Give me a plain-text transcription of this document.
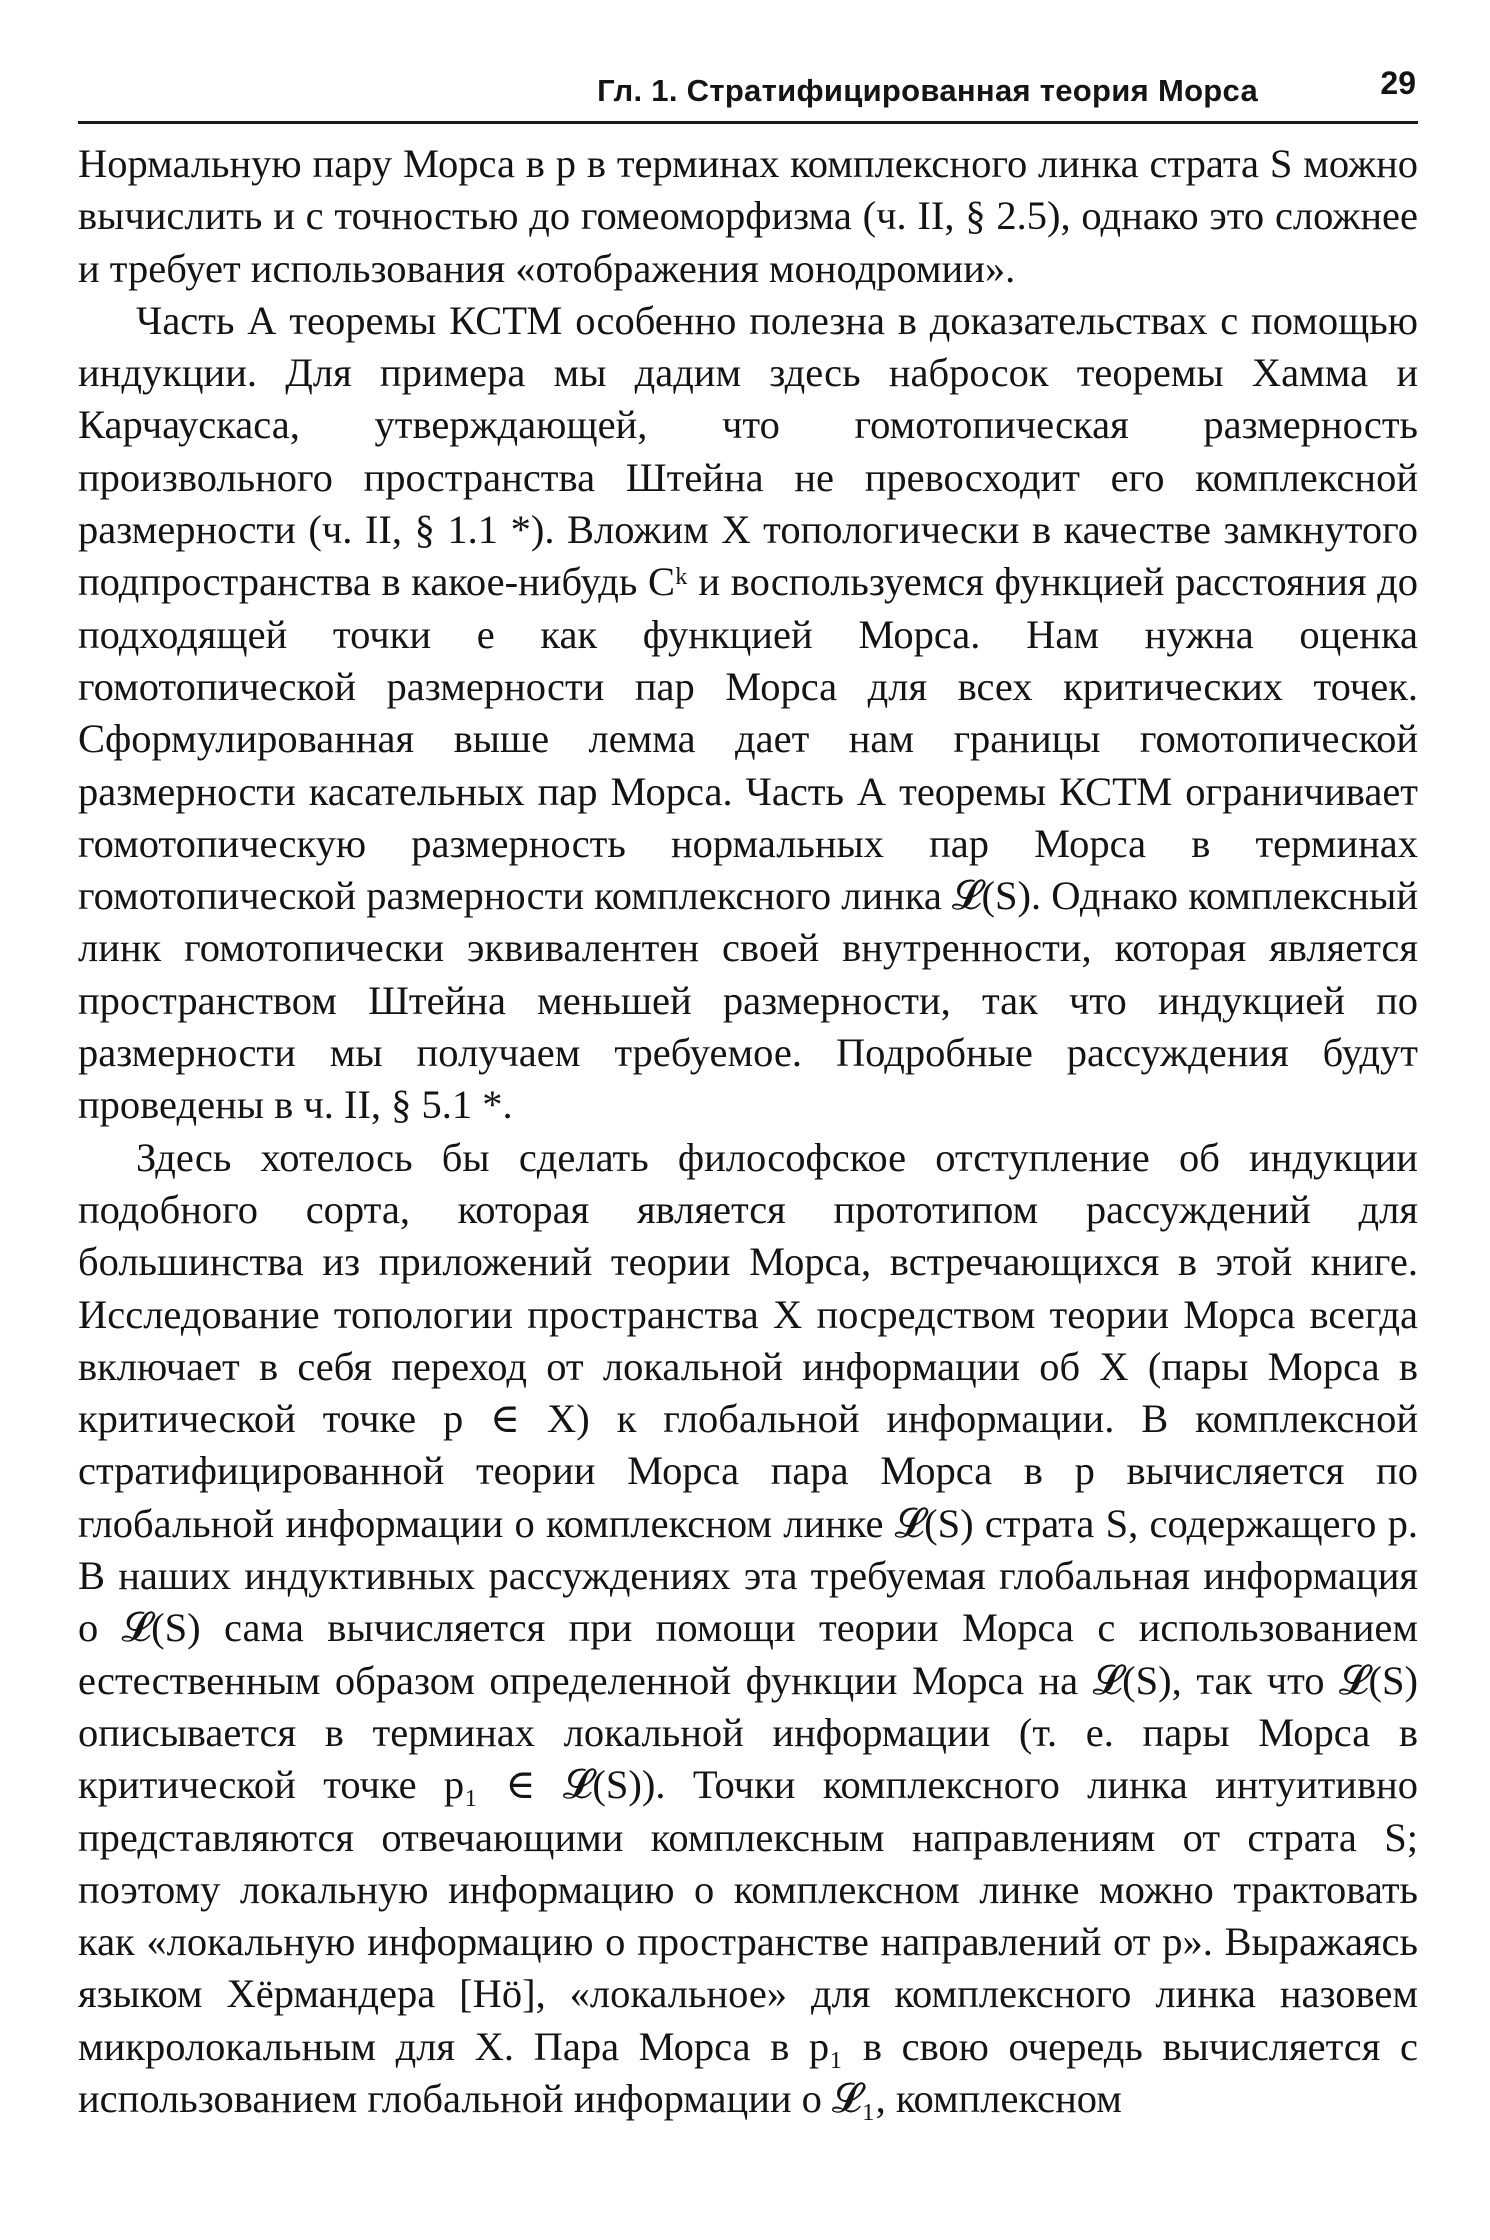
Гл. 1. Стратифицированная теория Морса	29

Нормальную пару Морса в p в терминах комплексного линка страта S можно вычислить и с точностью до гомеоморфизма (ч. II, § 2.5), однако это сложнее и требует использования «отображения монодромии».

Часть А теоремы КСТМ особенно полезна в доказательствах с помощью индукции. Для примера мы дадим здесь набросок теоремы Хамма и Карчаускаса, утверждающей, что гомотопическая размерность произвольного пространства Штейна не превосходит его комплексной размерности (ч. II, § 1.1 *). Вложим X топологически в качестве замкнутого подпространства в какое-нибудь Cᵏ и воспользуемся функцией расстояния до подходящей точки e как функцией Морса. Нам нужна оценка гомотопической размерности пар Морса для всех критических точек. Сформулированная выше лемма дает нам границы гомотопической размерности касательных пар Морса. Часть А теоремы КСТМ ограничивает гомотопическую размерность нормальных пар Морса в терминах гомотопической размерности комплексного линка 𝓛(S). Однако комплексный линк гомотопически эквивалентен своей внутренности, которая является пространством Штейна меньшей размерности, так что индукцией по размерности мы получаем требуемое. Подробные рассуждения будут проведены в ч. II, § 5.1 *.

Здесь хотелось бы сделать философское отступление об индукции подобного сорта, которая является прототипом рассуждений для большинства из приложений теории Морса, встречающихся в этой книге. Исследование топологии пространства X посредством теории Морса всегда включает в себя переход от локальной информации об X (пары Морса в критической точке p ∈ X) к глобальной информации. В комплексной стратифицированной теории Морса пара Морса в p вычисляется по глобальной информации о комплексном линке 𝓛(S) страта S, содержащего p. В наших индуктивных рассуждениях эта требуемая глобальная информация о 𝓛(S) сама вычисляется при помощи теории Морса с использованием естественным образом определенной функции Морса на 𝓛(S), так что 𝓛(S) описывается в терминах локальной информации (т. е. пары Морса в критической точке p₁ ∈ 𝓛(S)). Точки комплексного линка интуитивно представляются отвечающими комплексным направлениям от страта S; поэтому локальную информацию о комплексном линке можно трактовать как «локальную информацию о пространстве направлений от p». Выражаясь языком Хёрмандера [Hö], «локальное» для комплексного линка назовем микролокальным для X. Пара Морса в p₁ в свою очередь вычисляется с использованием глобальной информации о 𝓛₁, комплексном
